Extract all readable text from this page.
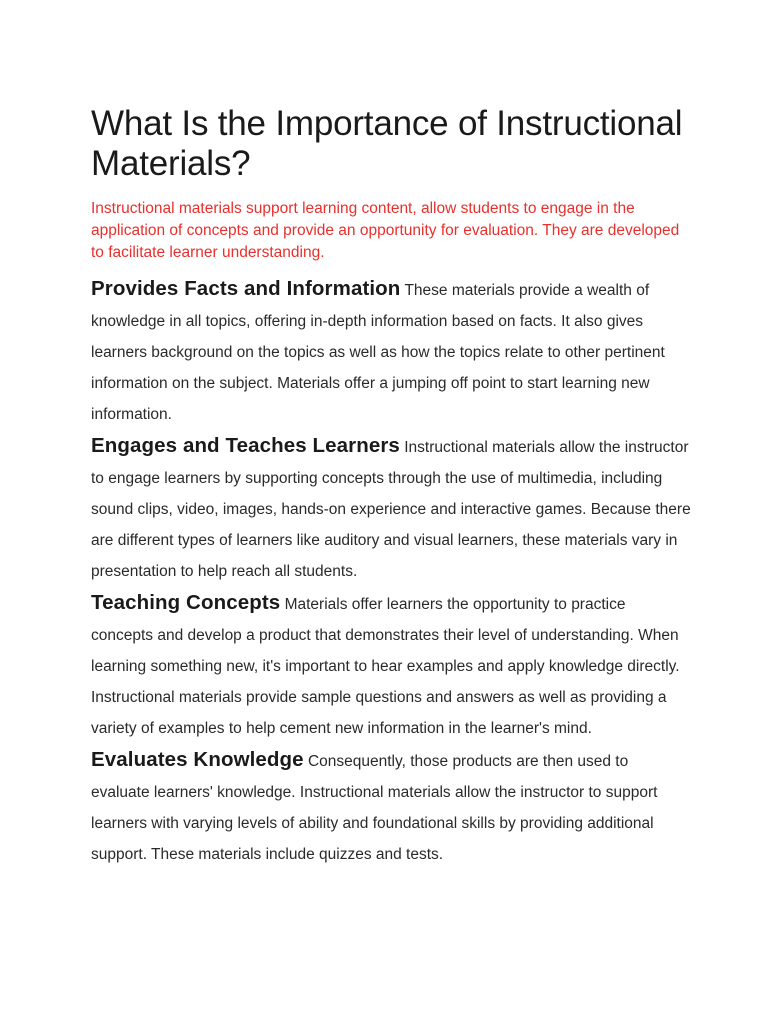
What Is the Importance of Instructional Materials?

Instructional materials support learning content, allow students to engage in the application of concepts and provide an opportunity for evaluation. They are developed to facilitate learner understanding.

Provides Facts and Information These materials provide a wealth of knowledge in all topics, offering in-depth information based on facts. It also gives learners background on the topics as well as how the topics relate to other pertinent information on the subject. Materials offer a jumping off point to start learning new information.

Engages and Teaches Learners Instructional materials allow the instructor to engage learners by supporting concepts through the use of multimedia, including sound clips, video, images, hands-on experience and interactive games. Because there are different types of learners like auditory and visual learners, these materials vary in presentation to help reach all students.

Teaching Concepts Materials offer learners the opportunity to practice concepts and develop a product that demonstrates their level of understanding. When learning something new, it's important to hear examples and apply knowledge directly. Instructional materials provide sample questions and answers as well as providing a variety of examples to help cement new information in the learner's mind.

Evaluates Knowledge Consequently, those products are then used to evaluate learners' knowledge. Instructional materials allow the instructor to support learners with varying levels of ability and foundational skills by providing additional support. These materials include quizzes and tests.
